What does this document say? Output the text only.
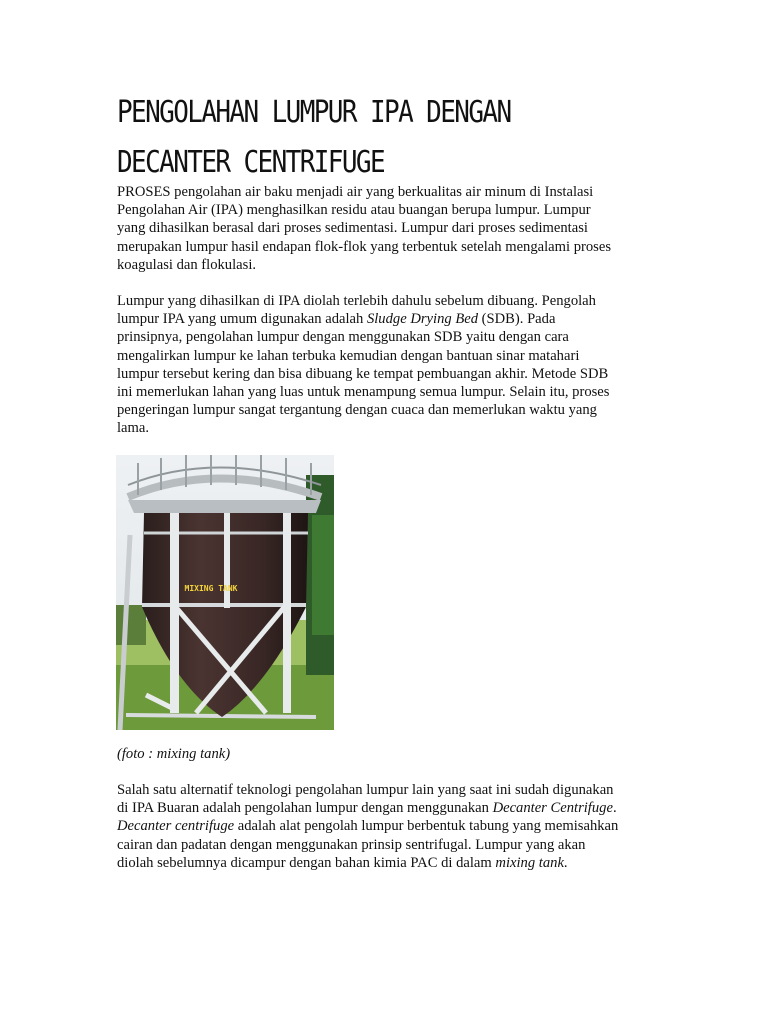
PENGOLAHAN LUMPUR IPA DENGAN
DECANTER CENTRIFUGE
PROSES pengolahan air baku menjadi air yang berkualitas air minum di Instalasi
Pengolahan Air (IPA) menghasilkan residu atau buangan berupa lumpur. Lumpur
yang dihasilkan berasal dari proses sedimentasi. Lumpur dari proses sedimentasi
merupakan lumpur hasil endapan flok-flok yang terbentuk setelah mengalami proses
koagulasi dan flokulasi.
Lumpur yang dihasilkan di IPA diolah terlebih dahulu sebelum dibuang. Pengolah
lumpur IPA yang umum digunakan adalah Sludge Drying Bed (SDB). Pada
prinsipnya, pengolahan lumpur dengan menggunakan SDB yaitu dengan cara
mengalirkan lumpur ke lahan terbuka kemudian dengan bantuan sinar matahari
lumpur tersebut kering dan bisa dibuang ke tempat pembuangan akhir. Metode SDB
ini memerlukan lahan yang luas untuk menampung semua lumpur. Selain itu, proses
pengeringan lumpur sangat tergantung dengan cuaca dan memerlukan waktu yang
lama.
MIXING TANK
(foto : mixing tank)
Salah satu alternatif teknologi pengolahan lumpur lain yang saat ini sudah digunakan
di IPA Buaran adalah pengolahan lumpur dengan menggunakan Decanter Centrifuge.
Decanter centrifuge adalah alat pengolah lumpur berbentuk tabung yang memisahkan
cairan dan padatan dengan menggunakan prinsip sentrifugal. Lumpur yang akan
diolah sebelumnya dicampur dengan bahan kimia PAC di dalam mixing tank.
